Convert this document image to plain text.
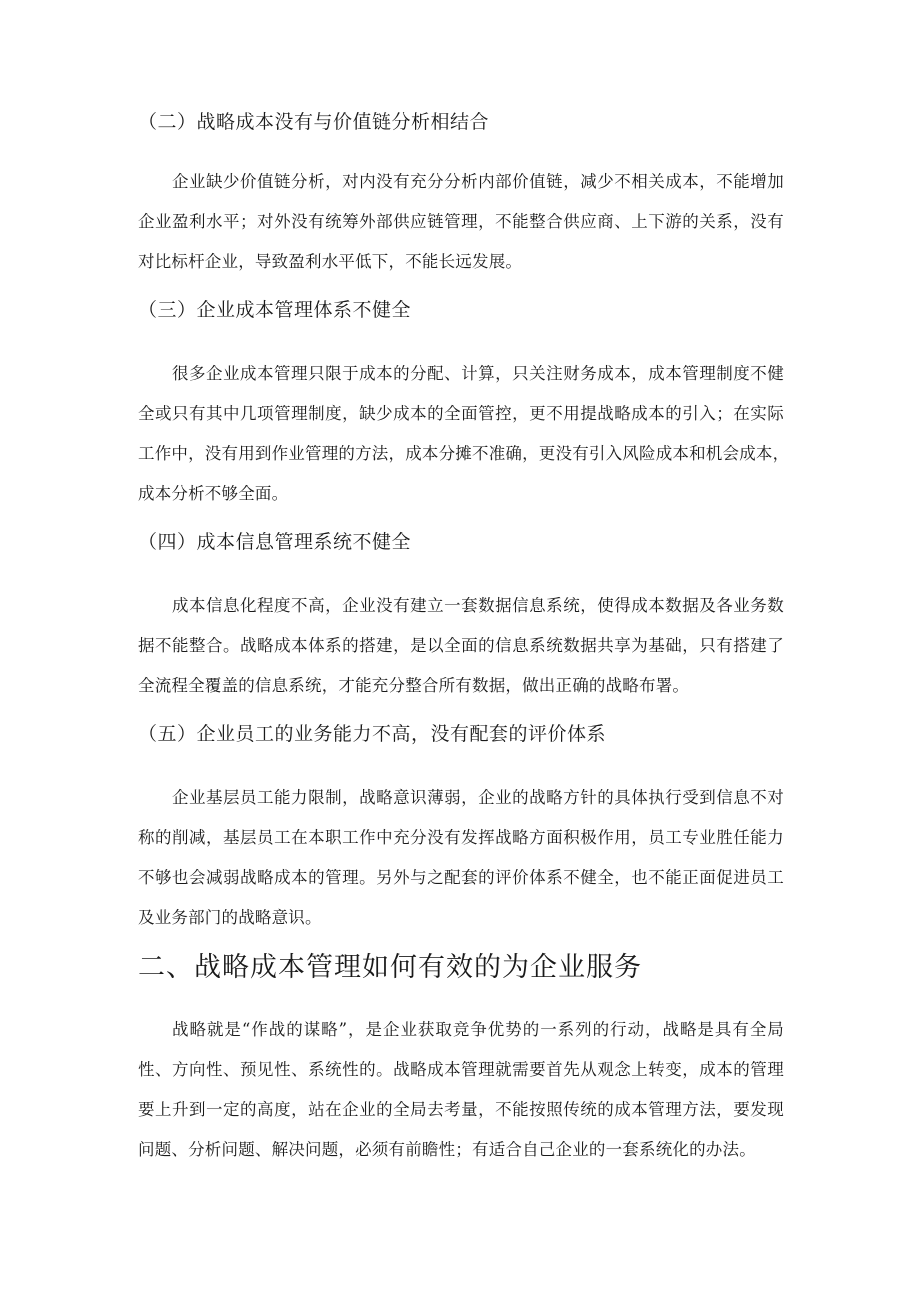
（二）战略成本没有与价值链分析相结合
企业缺少价值链分析，对内没有充分分析内部价值链，减少不相关成本，不能增加
企业盈利水平；对外没有统筹外部供应链管理，不能整合供应商、上下游的关系，没有
对比标杆企业，导致盈利水平低下，不能长远发展。
（三）企业成本管理体系不健全
很多企业成本管理只限于成本的分配、计算，只关注财务成本，成本管理制度不健
全或只有其中几项管理制度，缺少成本的全面管控，更不用提战略成本的引入；在实际
工作中，没有用到作业管理的方法，成本分摊不准确，更没有引入风险成本和机会成本，
成本分析不够全面。
（四）成本信息管理系统不健全
成本信息化程度不高，企业没有建立一套数据信息系统，使得成本数据及各业务数
据不能整合。战略成本体系的搭建，是以全面的信息系统数据共享为基础，只有搭建了
全流程全覆盖的信息系统，才能充分整合所有数据，做出正确的战略布署。
（五）企业员工的业务能力不高，没有配套的评价体系
企业基层员工能力限制，战略意识薄弱，企业的战略方针的具体执行受到信息不对
称的削减，基层员工在本职工作中充分没有发挥战略方面积极作用，员工专业胜任能力
不够也会减弱战略成本的管理。另外与之配套的评价体系不健全，也不能正面促进员工
及业务部门的战略意识。
二、战略成本管理如何有效的为企业服务
战略就是“作战的谋略”，是企业获取竞争优势的一系列的行动，战略是具有全局
性、方向性、预见性、系统性的。战略成本管理就需要首先从观念上转变，成本的管理
要上升到一定的高度，站在企业的全局去考量，不能按照传统的成本管理方法，要发现
问题、分析问题、解决问题，必须有前瞻性；有适合自己企业的一套系统化的办法。
